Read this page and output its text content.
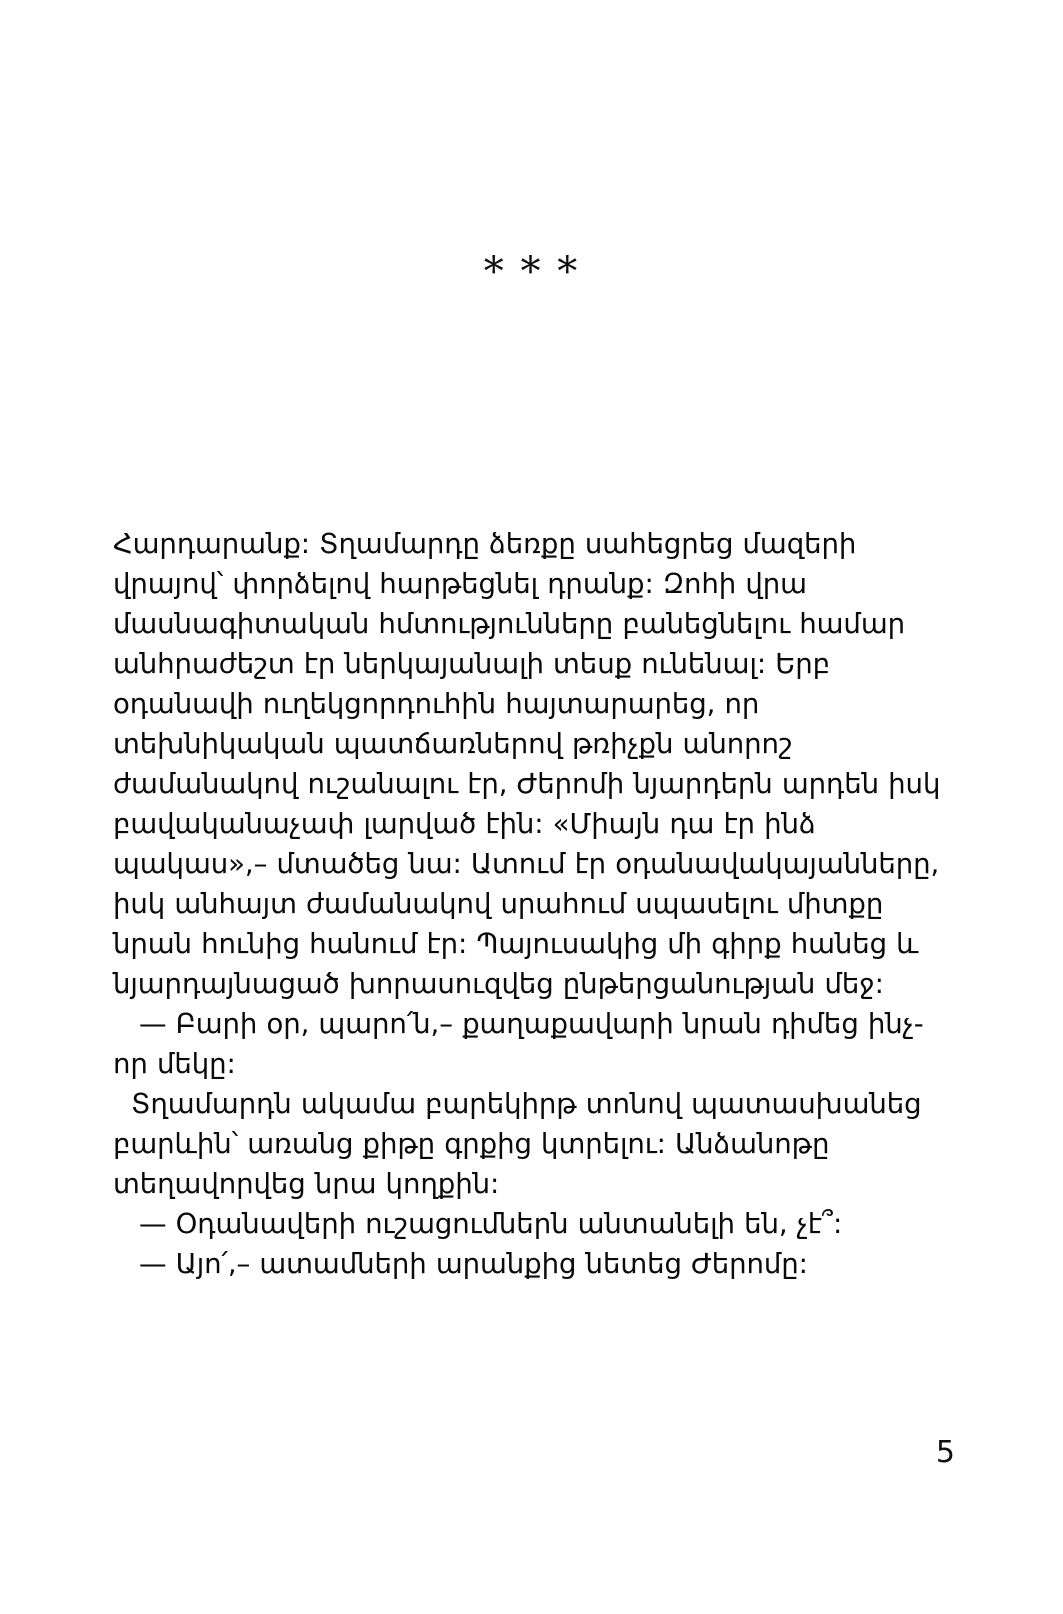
* * *

Հարդարանք: Տղամարդը ձեռքը սահեցրեց մազերի վրայով՝ փորձելով հարթեցնել դրանք: Զոհի վրա մասնագիտական հմտությունները բանեցնելու համար անհրաժեշտ էր ներկայանալի տեսք ունենալ: Երբ օդանավի ուղեկցորդուհին հայտարարեց, որ տեխնիկական պատճառներով թռիչքն անորոշ ժամանակով ուշանալու էր, Ժերոմի նյարդերն արդեն իսկ բավականաչափ լարված էին: «Միայն դա էր ինձ պակաս»,– մտածեց նա: Ատում էր օդանավակայանները, իսկ անհայտ ժամանակով սրահում սպասելու միտքը նրան հունից հանում էր: Պայուսակից մի գիրք հանեց և նյարդայնացած խորասուզվեց ընթերցանության մեջ:

— Բարի օր, պարո՛ն,– քաղաքավարի նրան դիմեց ինչ-որ մեկը:

Տղամարդն ակամա բարեկիրթ տոնով պատասխանեց բարևին՝ առանց քիթը գրքից կտրելու: Անձանոթը տեղավորվեց նրա կողքին:

— Օդանավերի ուշացումներն անտանելի են, չէ՞:

— Այո՛,– ատամների արանքից նետեց Ժերոմը:

5
